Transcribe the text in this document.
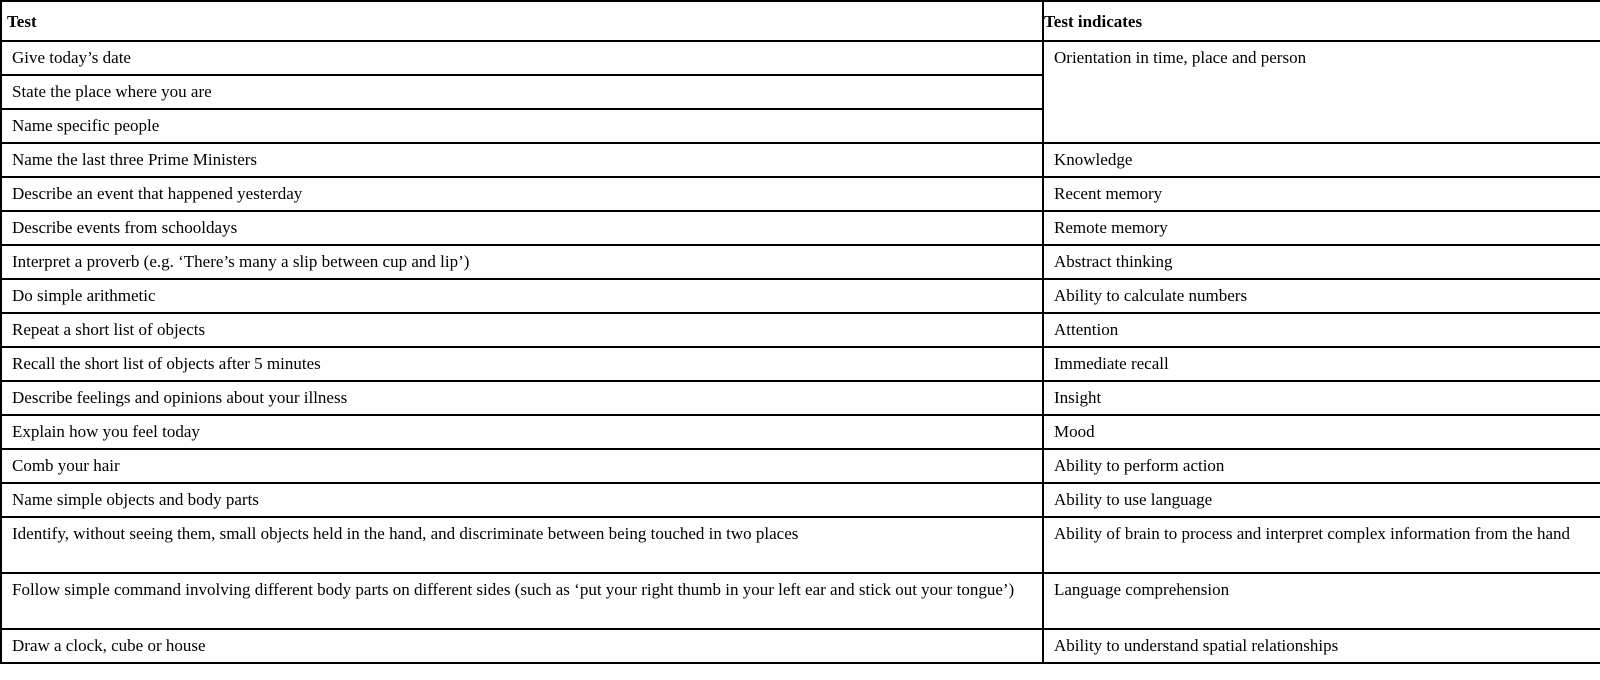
Test	Test indicates

Give today’s date	Orientation in time, place and person

State the place where you are	

Name specific people	

Name the last three Prime Ministers	Knowledge

Describe an event that happened yesterday	Recent memory

Describe events from schooldays	Remote memory

Interpret a proverb (e.g. ‘There’s many a slip between cup and lip’)	Abstract thinking

Do simple arithmetic	Ability to calculate numbers

Repeat a short list of objects	Attention

Recall the short list of objects after 5 minutes	Immediate recall

Describe feelings and opinions about your illness	Insight

Explain how you feel today	Mood

Comb your hair	Ability to perform action

Name simple objects and body parts	Ability to use language

Identify, without seeing them, small objects held in the hand, and discriminate between being touched in two places	Ability of brain to process and interpret complex information from the hand

Follow simple command involving different body parts on different sides (such as ‘put your right thumb in your left ear and stick out your tongue’)	Language comprehension

Draw a clock, cube or house	Ability to understand spatial relationships
